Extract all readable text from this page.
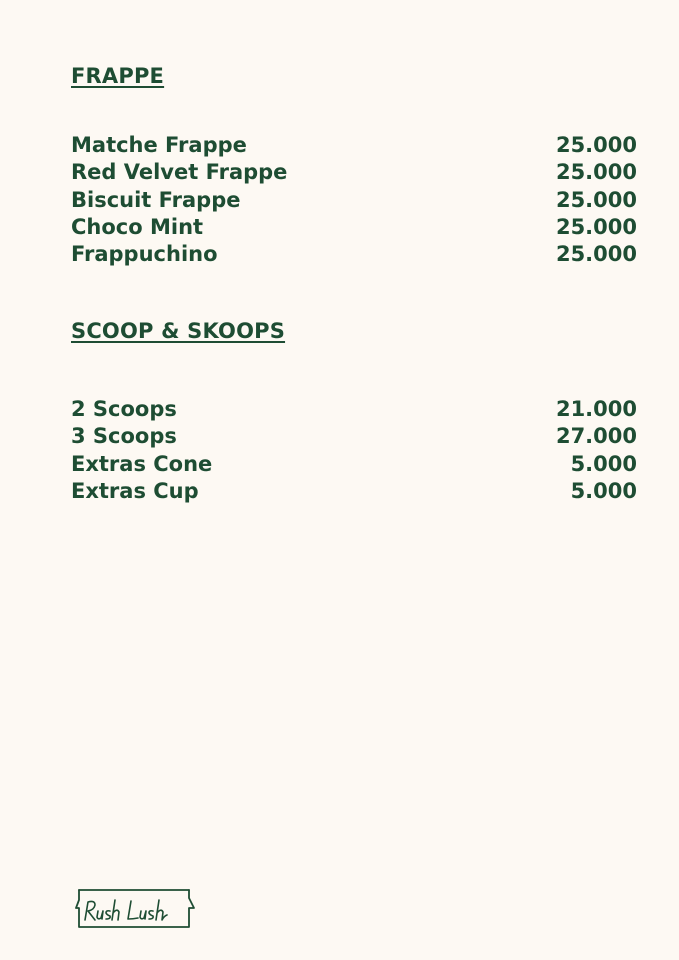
FRAPPE
Matche Frappe	25.000
Red Velvet Frappe	25.000
Biscuit Frappe	25.000
Choco Mint	25.000
Frappuchino	25.000
SCOOP & SKOOPS
2 Scoops	21.000
3 Scoops	27.000
Extras Cone	5.000
Extras Cup	5.000
